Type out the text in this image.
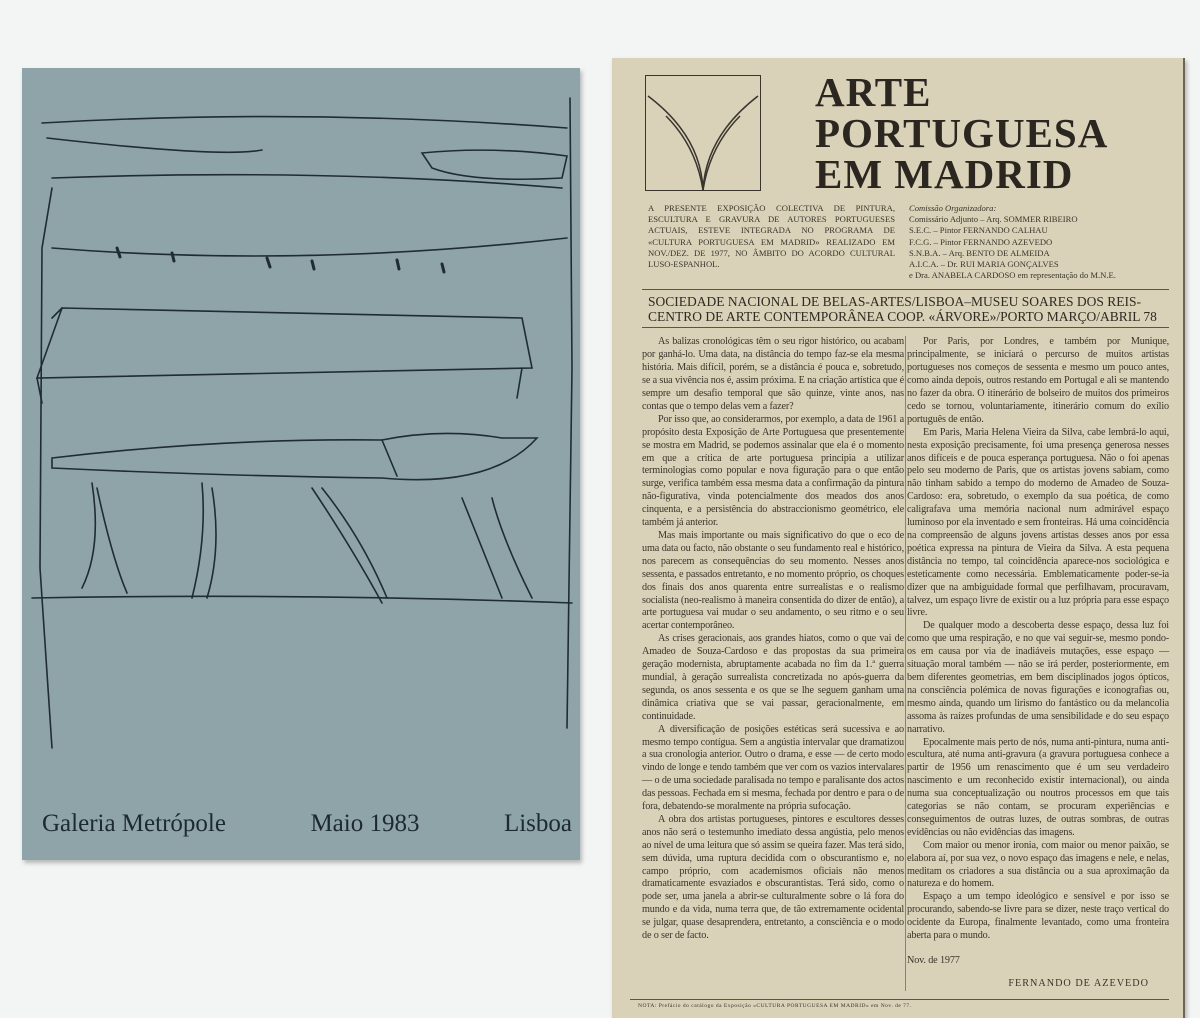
Galeria Metrópole	Maio 1983	Lisboa
ARTE
PORTUGUESA
EM MADRID
A PRESENTE EXPOSIÇÃO COLECTIVA DE PINTURA, ESCULTURA E GRAVURA DE AUTORES PORTUGUESES ACTUAIS, ESTEVE INTEGRADA NO PROGRAMA DE «CULTURA PORTUGUESA EM MADRID» REALIZADO EM NOV./DEZ. DE 1977, NO ÂMBITO DO ACORDO CULTURAL LUSO-ESPANHOL.
Comissão Organizadora:
Comissário Adjunto – Arq. SOMMER RIBEIRO
S.E.C. – Pintor FERNANDO CALHAU
F.C.G. – Pintor FERNANDO AZEVEDO
S.N.B.A. – Arq. BENTO DE ALMEIDA
A.I.C.A. – Dr. RUI MARIA GONÇALVES
e Dra. ANABELA CARDOSO em representação do M.N.E.
SOCIEDADE NACIONAL DE BELAS-ARTES/LISBOA–MUSEU SOARES DOS REIS-
CENTRO DE ARTE CONTEMPORÂNEA COOP. «ÁRVORE»/PORTO MARÇO/ABRIL 78

As balizas cronológicas têm o seu rigor histórico, ou acabam por ganhá-lo. Uma data, na distância do tempo faz-se ela mesma história. Mais difícil, porém, se a distância é pouca e, sobretudo, se a sua vivência nos é, assim próxima. E na criação artística que é sempre um desafio temporal que são quinze, vinte anos, nas contas que o tempo delas vem a fazer?

Por isso que, ao considerarmos, por exemplo, a data de 1961 a propósito desta Exposição de Arte Portuguesa que presentemente se mostra em Madrid, se podemos assinalar que ela é o momento em que a crítica de arte portuguesa principia a utilizar terminologias como popular e nova figuração para o que então surge, verifica também essa mesma data a confirmação da pintura não-figurativa, vinda potencialmente dos meados dos anos cinquenta, e a persistência do abstraccionismo geométrico, ele também já anterior.

Mas mais importante ou mais significativo do que o eco de uma data ou facto, não obstante o seu fundamento real e histórico, nos parecem as consequências do seu momento. Nesses anos sessenta, e passados entretanto, e no momento próprio, os choques dos finais dos anos quarenta entre surrealistas e o realismo socialista (neo-realismo à maneira consentida do dizer de então), a arte portuguesa vai mudar o seu andamento, o seu ritmo e o seu acertar contemporâneo.

As crises geracionais, aos grandes hiatos, como o que vai de Amadeo de Souza-Cardoso e das propostas da sua primeira geração modernista, abruptamente acabada no fim da 1.ª guerra mundial, à geração surrealista concretizada no após-guerra da segunda, os anos sessenta e os que se lhe seguem ganham uma dinâmica criativa que se vai passar, geracionalmente, em continuidade.

A diversificação de posições estéticas será sucessiva e ao mesmo tempo contígua. Sem a angústia intervalar que dramatizou a sua cronologia anterior. Outro o drama, e esse — de certo modo vindo de longe e tendo também que ver com os vazios intervalares — o de uma sociedade paralisada no tempo e paralisante dos actos das pessoas. Fechada em si mesma, fechada por dentro e para o de fora, debatendo-se moralmente na própria sufocação.

A obra dos artistas portugueses, pintores e escultores desses anos não será o testemunho imediato dessa angústia, pelo menos ao nível de uma leitura que só assim se queira fazer. Mas terá sido, sem dúvida, uma ruptura decidida com o obscurantismo e, no campo próprio, com academismos oficiais não menos dramaticamente esvaziados e obscurantistas. Terá sido, como o pode ser, uma janela a abrir-se culturalmente sobre o lá fora do mundo e da vida, numa terra que, de tão extremamente ocidental se julgar, quase desaprendera, entretanto, a consciência e o modo de o ser de facto.

Por Paris, por Londres, e também por Munique, principalmente, se iniciará o percurso de muitos artistas portugueses nos começos de sessenta e mesmo um pouco antes, como ainda depois, outros restando em Portugal e ali se mantendo no fazer da obra. O itinerário de bolseiro de muitos dos primeiros cedo se tornou, voluntariamente, itinerário comum do exílio português de então.

Em Paris, Maria Helena Vieira da Silva, cabe lembrá-lo aqui, nesta exposição precisamente, foi uma presença generosa nesses anos difíceis e de pouca esperança portuguesa. Não o foi apenas pelo seu moderno de Paris, que os artistas jovens sabiam, como não tinham sabido a tempo do moderno de Amadeo de Souza-Cardoso: era, sobretudo, o exemplo da sua poética, de como caligrafava uma memória nacional num admirável espaço luminoso por ela inventado e sem fronteiras. Há uma coincidência na compreensão de alguns jovens artistas desses anos por essa poética expressa na pintura de Vieira da Silva. A esta pequena distância no tempo, tal coincidência aparece-nos sociológica e esteticamente como necessária. Emblematicamente poder-se-ia dizer que na ambiguidade formal que perfilhavam, procuravam, talvez, um espaço livre de existir ou a luz própria para esse espaço livre.

De qualquer modo a descoberta desse espaço, dessa luz foi como que uma respiração, e no que vai seguir-se, mesmo pondo-os em causa por via de inadiáveis mutações, esse espaço — situação moral também — não se irá perder, posteriormente, em bem diferentes geometrias, em bem disciplinados jogos ópticos, na consciência polémica de novas figurações e iconografias ou, mesmo ainda, quando um lirismo do fantástico ou da melancolia assoma às raízes profundas de uma sensibilidade e do seu espaço narrativo.

Epocalmente mais perto de nós, numa anti-pintura, numa anti-escultura, até numa anti-gravura (a gravura portuguesa conhece a partir de 1956 um renascimento que é um seu verdadeiro nascimento e um reconhecido existir internacional), ou ainda numa sua conceptualização ou noutros processos em que tais categorias se não contam, se procuram experiências e conseguimentos de outras luzes, de outras sombras, de outras evidências ou não evidências das imagens.

Com maior ou menor ironia, com maior ou menor paixão, se elabora aí, por sua vez, o novo espaço das imagens e nele, e nelas, meditam os criadores a sua distância ou a sua aproximação da natureza e do homem.

Espaço a um tempo ideológico e sensível e por isso se procurando, sabendo-se livre para se dizer, neste traço vertical do ocidente da Europa, finalmente levantado, como uma fronteira aberta para o mundo.

Nov. de 1977

FERNANDO DE AZEVEDO

NOTA: Prefácio do catálogo da Exposição «CULTURA PORTUGUESA EM MADRID» em Nov. de 77.
